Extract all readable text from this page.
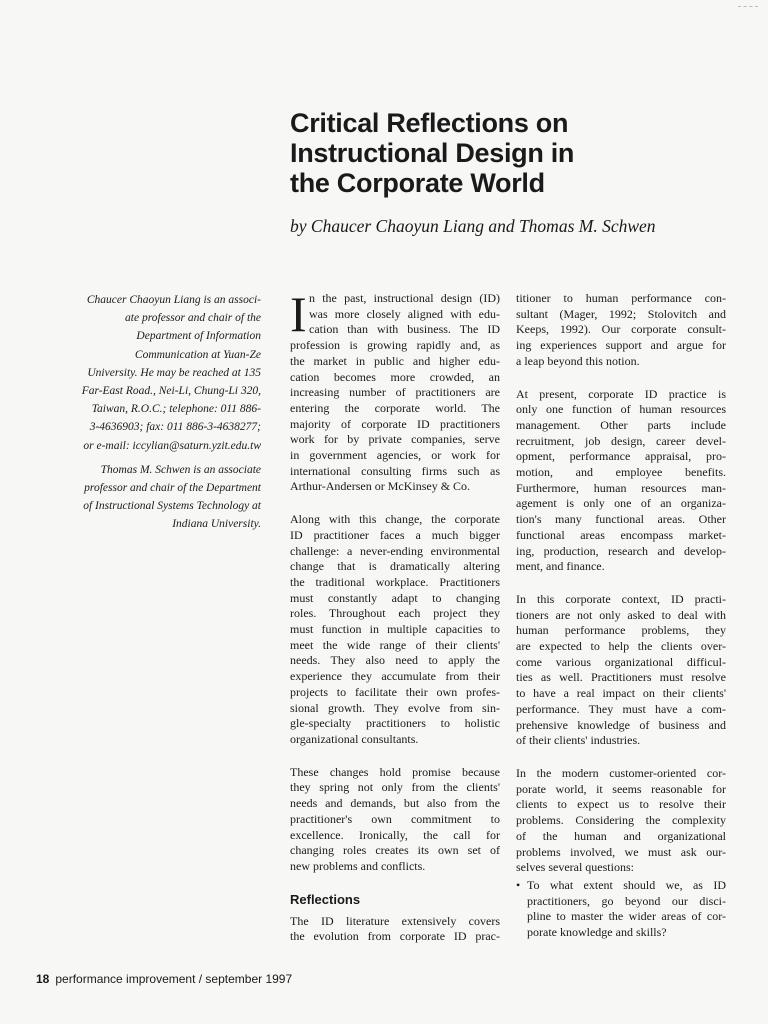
Critical Reflections on
Instructional Design in
the Corporate World
by Chaucer Chaoyun Liang and Thomas M. Schwen

Chaucer Chaoyun Liang is an associ-
ate professor and chair of the
Department of Information
Communication at Yuan-Ze
University. He may be reached at 135
Far-East Road., Nei-Li, Chung-Li 320,
Taiwan, R.O.C.; telephone: 011 886-
3-4636903; fax: 011 886-3-4638277;
or e-mail: iccylian@saturn.yzit.edu.tw

Thomas M. Schwen is an associate
professor and chair of the Department
of Instructional Systems Technology at
Indiana University.

I n the past, instructional design (ID)
was more closely aligned with edu-
cation than with business. The ID
profession is growing rapidly and, as
the market in public and higher edu-
cation becomes more crowded, an
increasing number of practitioners are
entering the corporate world. The
majority of corporate ID practitioners
work for by private companies, serve
in government agencies, or work for
international consulting firms such as
Arthur-Andersen or McKinsey & Co.
Along with this change, the corporate
ID practitioner faces a much bigger
challenge: a never-ending environmental
change that is dramatically altering
the traditional workplace. Practitioners
must constantly adapt to changing
roles. Throughout each project they
must function in multiple capacities to
meet the wide range of their clients'
needs. They also need to apply the
experience they accumulate from their
projects to facilitate their own profes-
sional growth. They evolve from sin-
gle-specialty practitioners to holistic
organizational consultants.
These changes hold promise because
they spring not only from the clients'
needs and demands, but also from the
practitioner's own commitment to
excellence. Ironically, the call for
changing roles creates its own set of
new problems and conflicts.
Reflections
The ID literature extensively covers
the evolution from corporate ID prac-
titioner to human performance con-
sultant (Mager, 1992; Stolovitch and
Keeps, 1992). Our corporate consult-
ing experiences support and argue for
a leap beyond this notion.
At present, corporate ID practice is
only one function of human resources
management. Other parts include
recruitment, job design, career devel-
opment, performance appraisal, pro-
motion, and employee benefits.
Furthermore, human resources man-
agement is only one of an organiza-
tion's many functional areas. Other
functional areas encompass market-
ing, production, research and develop-
ment, and finance.
In this corporate context, ID practi-
tioners are not only asked to deal with
human performance problems, they
are expected to help the clients over-
come various organizational difficul-
ties as well. Practitioners must resolve
to have a real impact on their clients'
performance. They must have a com-
prehensive knowledge of business and
of their clients' industries.
In the modern customer-oriented cor-
porate world, it seems reasonable for
clients to expect us to resolve their
problems. Considering the complexity
of the human and organizational
problems involved, we must ask our-
selves several questions:
• To what extent should we, as ID
practitioners, go beyond our disci-
pline to master the wider areas of cor-
porate knowledge and skills?
18 performance improvement / september 1997
